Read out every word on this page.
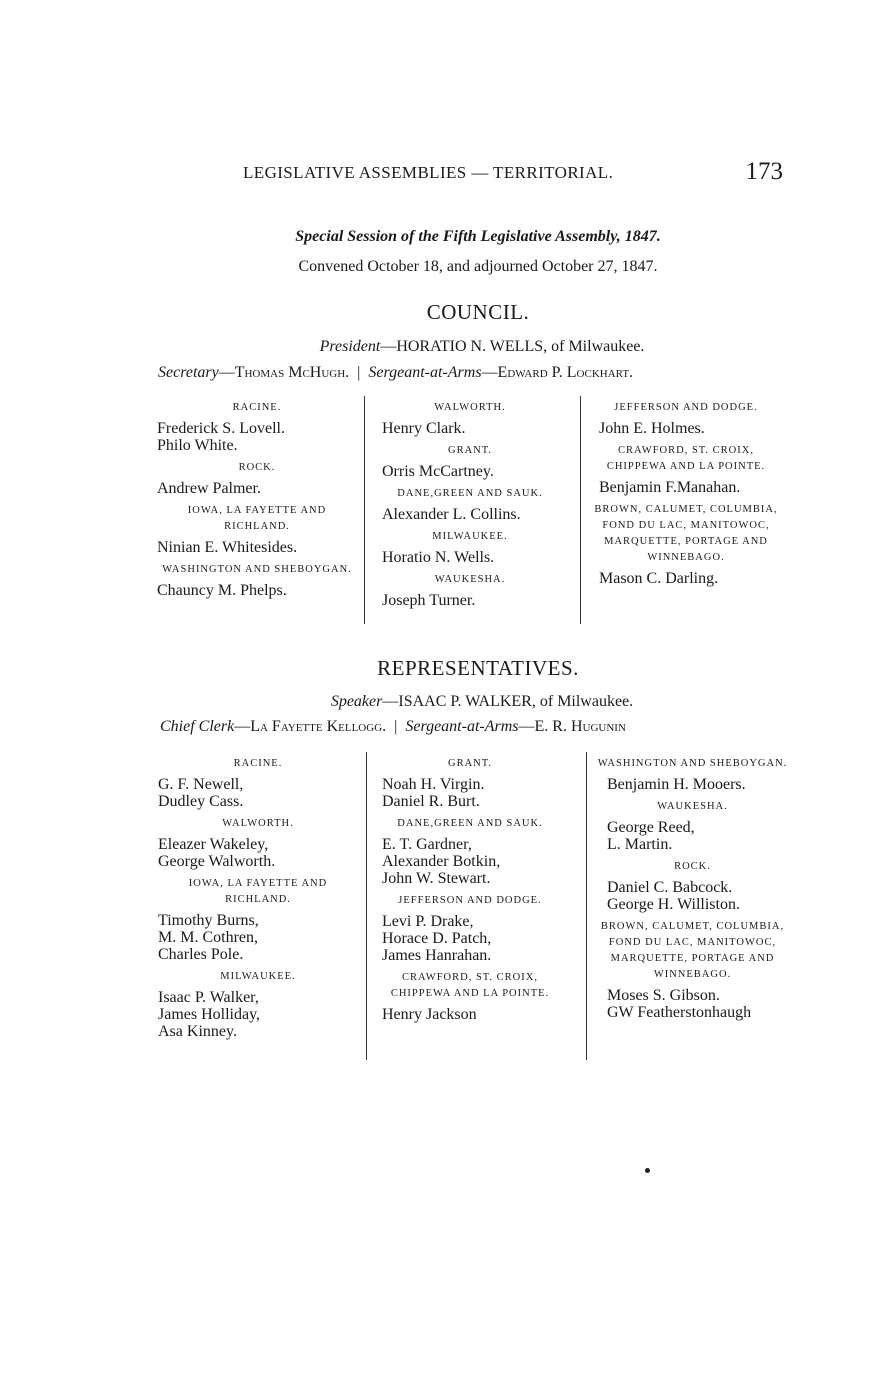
LEGISLATIVE ASSEMBLIES — TERRITORIAL.	173
Special Session of the Fifth Legislative Assembly, 1847.
Convened October 18, and adjourned October 27, 1847.
COUNCIL.
President—HORATIO N. WELLS, of Milwaukee.
Secretary—Thomas McHugh. | Sergeant-at-Arms—Edward P. Lockhart.
RACINE.
Frederick S. Lovell.
Philo White.
ROCK.
Andrew Palmer.
IOWA, LA FAYETTE AND RICHLAND.
Ninian E. Whitesides.
WASHINGTON AND SHEBOYGAN.
Chauncy M. Phelps.
WALWORTH.
Henry Clark.
GRANT.
Orris McCartney.
DANE,GREEN AND SAUK.
Alexander L. Collins.
MILWAUKEE.
Horatio N. Wells.
WAUKESHA.
Joseph Turner.
JEFFERSON AND DODGE.
John E. Holmes.
CRAWFORD, ST. CROIX, CHIPPEWA AND LA POINTE.
Benjamin F.Manahan.
BROWN, CALUMET, COLUMBIA, FOND DU LAC, MANITOWOC, MARQUETTE, PORTAGE AND WINNEBAGO.
Mason C. Darling.
REPRESENTATIVES.
Speaker—ISAAC P. WALKER, of Milwaukee.
Chief Clerk—La Fayette Kellogg. | Sergeant-at-Arms—E. R. Hugunin
RACINE.
G. F. Newell,
Dudley Cass.
WALWORTH.
Eleazer Wakeley,
George Walworth.
IOWA, LA FAYETTE AND RICHLAND.
Timothy Burns,
M. M. Cothren,
Charles Pole.
MILWAUKEE.
Isaac P. Walker,
James Holliday,
Asa Kinney.
GRANT.
Noah H. Virgin.
Daniel R. Burt.
DANE,GREEN AND SAUK.
E. T. Gardner,
Alexander Botkin,
John W. Stewart.
JEFFERSON AND DODGE.
Levi P. Drake,
Horace D. Patch,
James Hanrahan.
CRAWFORD, ST. CROIX, CHIPPEWA AND LA POINTE.
Henry Jackson
WASHINGTON AND SHEBOYGAN.
Benjamin H. Mooers.
WAUKESHA.
George Reed,
L. Martin.
ROCK.
Daniel C. Babcock.
George H. Williston.
BROWN, CALUMET, COLUMBIA, FOND DU LAC, MANITOWOC, MARQUETTE, PORTAGE AND WINNEBAGO.
Moses S. Gibson.
GW Featherstonhaugh
